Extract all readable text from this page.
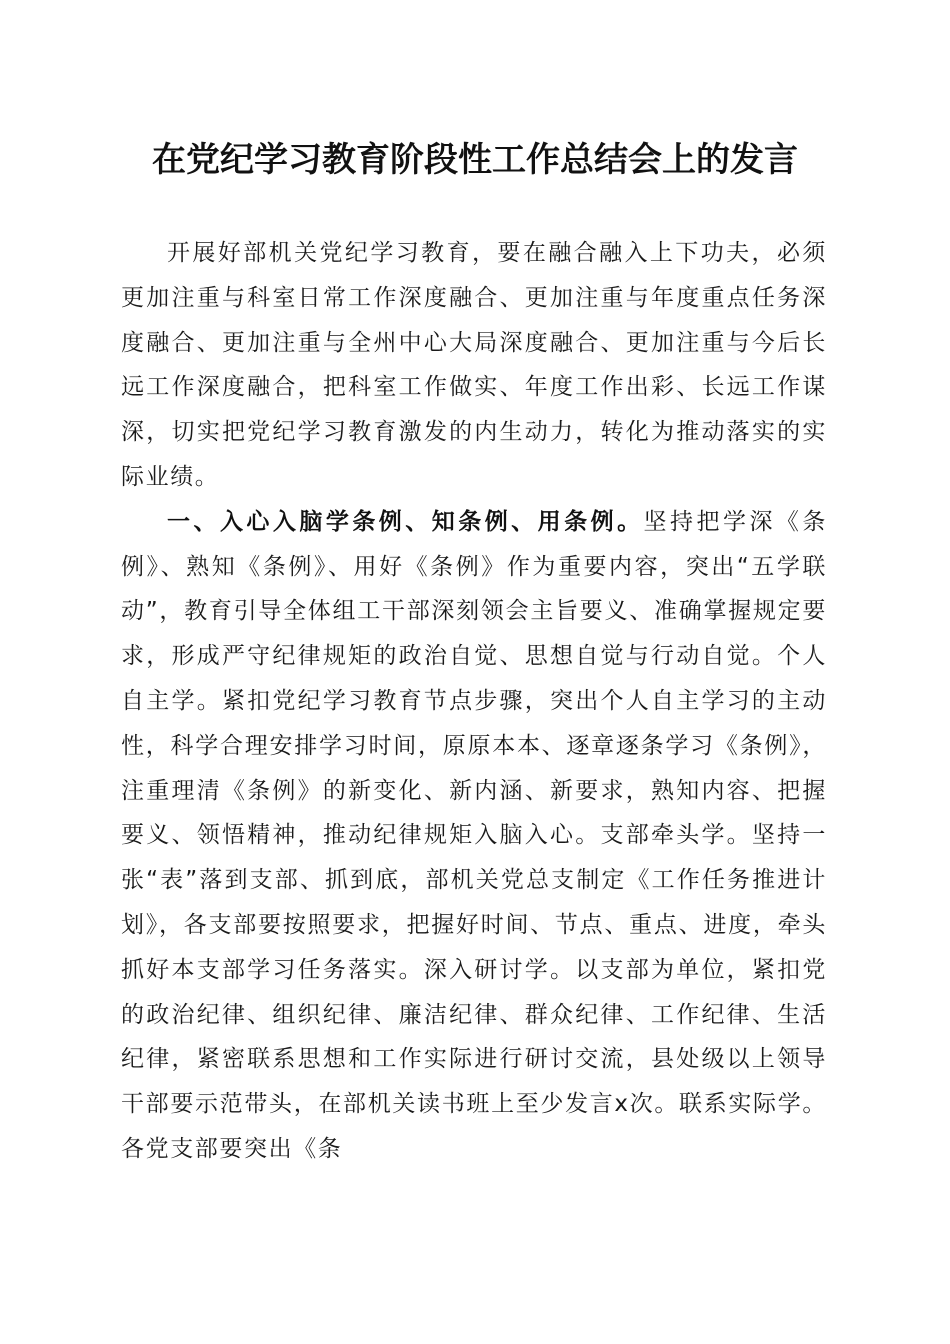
在党纪学习教育阶段性工作总结会上的发言

开展好部机关党纪学习教育，要在融合融入上下功夫，必须更加注重与科室日常工作深度融合、更加注重与年度重点任务深度融合、更加注重与全州中心大局深度融合、更加注重与今后长远工作深度融合，把科室工作做实、年度工作出彩、长远工作谋深，切实把党纪学习教育激发的内生动力，转化为推动落实的实际业绩。

一、入心入脑学条例、知条例、用条例。坚持把学深《条例》、熟知《条例》、用好《条例》作为重要内容，突出“五学联动”，教育引导全体组工干部深刻领会主旨要义、准确掌握规定要求，形成严守纪律规矩的政治自觉、思想自觉与行动自觉。个人自主学。紧扣党纪学习教育节点步骤，突出个人自主学习的主动性，科学合理安排学习时间，原原本本、逐章逐条学习《条例》，注重理清《条例》的新变化、新内涵、新要求，熟知内容、把握要义、领悟精神，推动纪律规矩入脑入心。支部牵头学。坚持一张“表”落到支部、抓到底，部机关党总支制定《工作任务推进计划》，各支部要按照要求，把握好时间、节点、重点、进度，牵头抓好本支部学习任务落实。深入研讨学。以支部为单位，紧扣党的政治纪律、组织纪律、廉洁纪律、群众纪律、工作纪律、生活纪律，紧密联系思想和工作实际进行研讨交流，县处级以上领导干部要示范带头，在部机关读书班上至少发言x次。联系实际学。各党支部要突出《条
